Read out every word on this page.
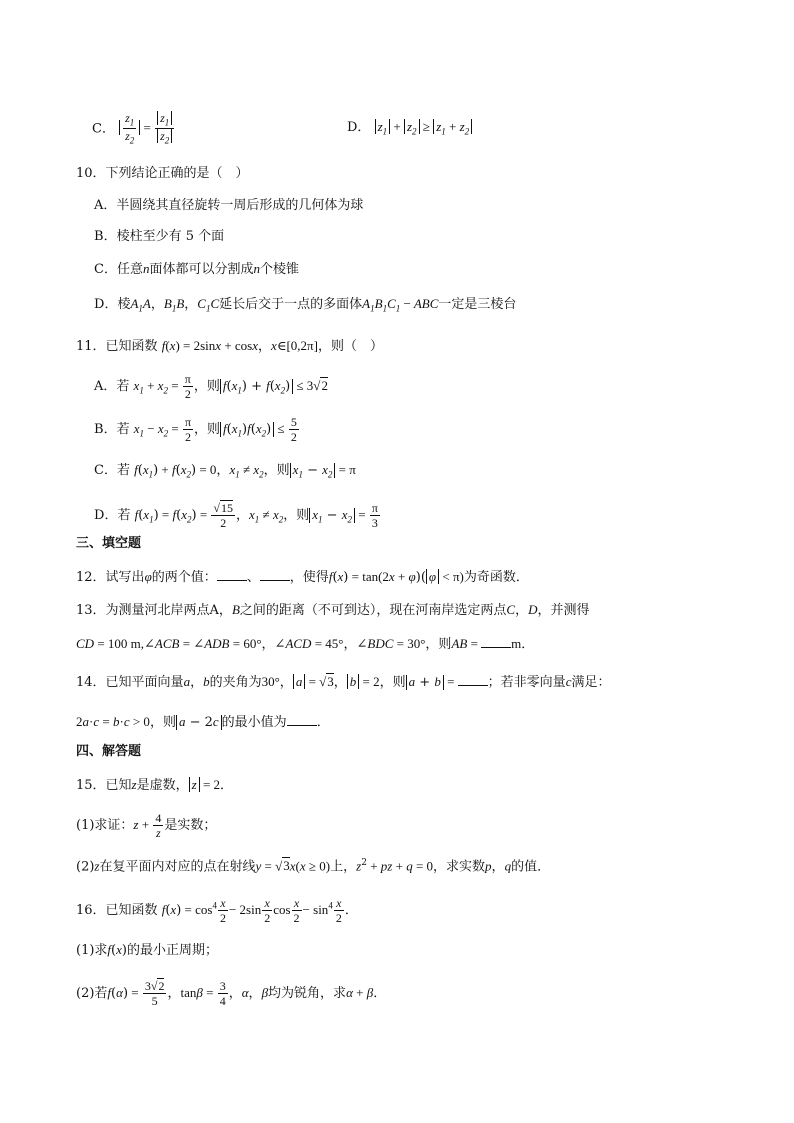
C． $\frac{z_1}{z_2} = \frac{z_1}{z_2}$	D． $z_1 + z_2 \ge z_1 + z_2$
10．下列结论正确的是（　）
A．半圆绕其直径旋转一周后形成的几何体为球
B．棱柱至少有 5 个面
C．任意n面体都可以分割成n个棱锥
D．棱$A_1A$，$B_1B$，$C_1C$延长后交于一点的多面体$A_1B_1C_1$ − ABC一定是三棱台
11．已知函数 f(x) = 2sinx + cosx，x∈[0,2π]，则（　）
A．若 $x_1 + x_2 = \frac{\pi}{2}$ ，则 $f(x_1) + f(x_2) \le 3√2$
B．若 $x_1 - x_2 = \frac{\pi}{2}$ ，则 $f(x_1)f(x_2) \le \frac{5}{2}$
C．若 $f(x_1) + f(x_2) = 0$，$x_1 \ne x_2$，则 $x_1 - x_2 = \pi$
D．若 $f(x_1) = f(x_2) = \frac{√15}{2}$ ，$x_1 \ne x_2$，则 $x_1 - x_2 = \frac{\pi}{3}$
三、填空题
12．试写出φ的两个值： 、 ，使得f(x) = tan(2x + φ)( φ < π)为奇函数．
13．为测量河北岸两点A，B之间的距离（不可到达），现在河南岸选定两点C，D，并测得
CD = 100 m,∠ACB = ∠ADB = 60°，∠ACD = 45°，∠BDC = 30°，则AB = m．
14．已知平面向量a，b的夹角为30°， a = √3， b = 2，则 a + b = ；若非零向量c满足：
2a·c = b·c > 0，则 a − 2c 的最小值为 ．
四、解答题
15．已知z是虚数， z = 2．
(1)求证：$z + \frac{4}{z}$ 是实数；
(2)z在复平面内对应的点在射线y = √3x(x ≥ 0)上，$z^2$ + pz + q = 0，求实数p，q的值．
16．已知函数 $f(x) = \cos^4 \frac{x}{2} - 2\sin \frac{x}{2}$ $\cos \frac{x}{2} - \sin^4 \frac{x}{2}$ ．
(1)求f(x)的最小正周期；
(2)若$f(\alpha) = \frac{3√2}{5}$ ，$\tan\beta = \frac{3}{4}$ ，α，β均为锐角，求α + β．
